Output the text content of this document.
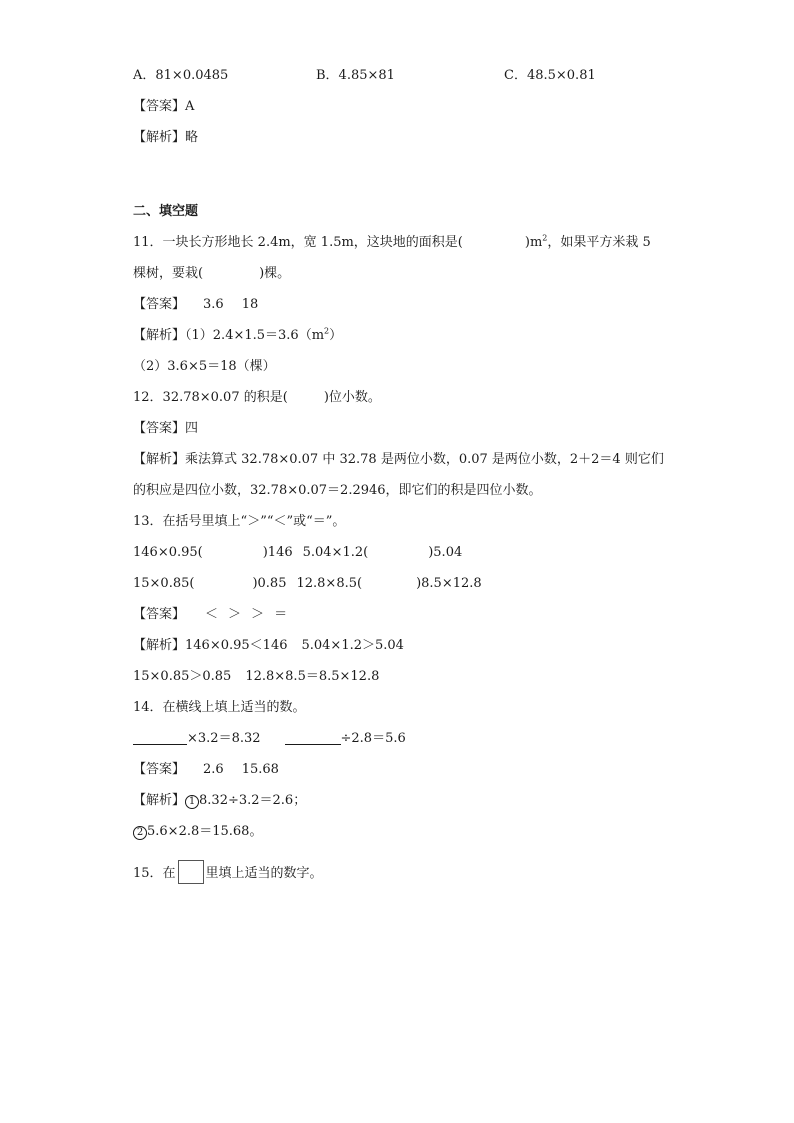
A．81×0.0485	B．4.85×81	C．48.5×0.81
【答案】A
【解析】略
二、填空题
11．一块长方形地长 2.4m，宽 1.5m，这块地的面积是(	)$m^2$，如果平方米栽 5
棵树，要栽(	)棵。
【答案】 3.6 18
【解析】$(1)2.4\times 1.5=3.6(m^2)$
（2）3.6×5＝18（棵）
12．32.78×0.07 的积是(	)位小数。
【答案】四
【解析】乘法算式 32.78×0.07 中 32.78 是两位小数，0.07 是两位小数，2＋2＝4 则它们
的积应是四位小数，32.78×0.07＝2.2946，即它们的积是四位小数。
13．在括号里填上“＞”“＜”或“＝”。
146×0.95(	)146 5.04×1.2(	)5.04
15×0.85(	)0.85 12.8×8.5(	)8.5×12.8
【答案】 ＜ ＞ ＞ ＝
【解析】146×0.95＜146 5.04×1.2＞5.04
15×0.85＞0.85 12.8×8.5＝8.5×12.8
14．在横线上填上适当的数。
×3.2＝8.32	÷2.8＝5.6
【答案】 2.6 15.68
【解析】 1 8.32÷3.2＝2.6；
2 5.6×2.8＝15.68。
15．在 里填上适当的数字。
